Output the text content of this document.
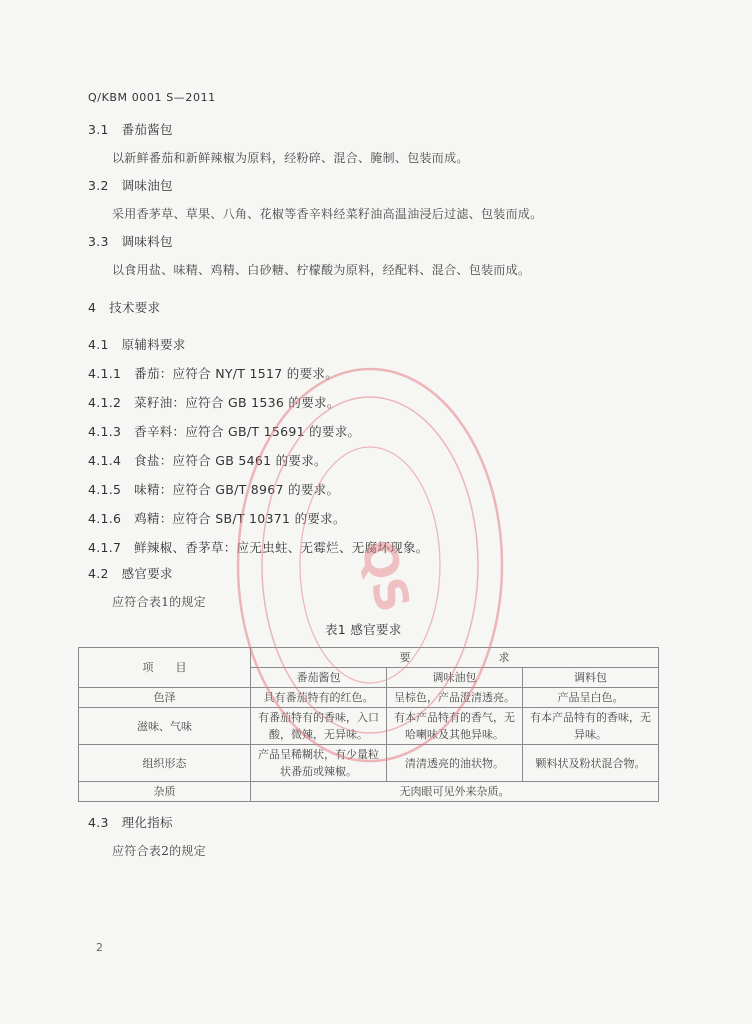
Q/KBM 0001 S—2011
3.1 番茄酱包
以新鲜番茄和新鲜辣椒为原料，经粉碎、混合、腌制、包装而成。
3.2 调味油包
采用香茅草、草果、八角、花椒等香辛料经菜籽油高温油浸后过滤、包装而成。
3.3 调味料包
以食用盐、味精、鸡精、白砂糖、柠檬酸为原料，经配料、混合、包装而成。
4 技术要求
4.1 原辅料要求
4.1.1 番茄：应符合 NY/T 1517 的要求。
4.1.2 菜籽油：应符合 GB 1536 的要求。
4.1.3 香辛料：应符合 GB/T 15691 的要求。
4.1.4 食盐：应符合 GB 5461 的要求。
4.1.5 味精：应符合 GB/T 8967 的要求。
4.1.6 鸡精：应符合 SB/T 10371 的要求。
4.1.7 鲜辣椒、香茅草：应无虫蛀、无霉烂、无腐坏现象。
4.2 感官要求
应符合表1的规定
表1 感官要求
项　　目	要　　　　　　　　求		
	番茄酱包	调味油包	调料包
色泽	具有番茄特有的红色。	呈棕色，产品澄清透亮。	产品呈白色。
滋味、气味	有番茄特有的香味，入口酸，微辣，无异味。	有本产品特有的香气，无哈喇味及其他异味。	有本产品特有的香味，无异味。
组织形态	产品呈稀糊状，有少量粒状番茄或辣椒。	清清透亮的油状物。	颗料状及粉状混合物。
杂质	无肉眼可见外来杂质。		
4.3 理化指标
应符合表2的规定
2
QS
